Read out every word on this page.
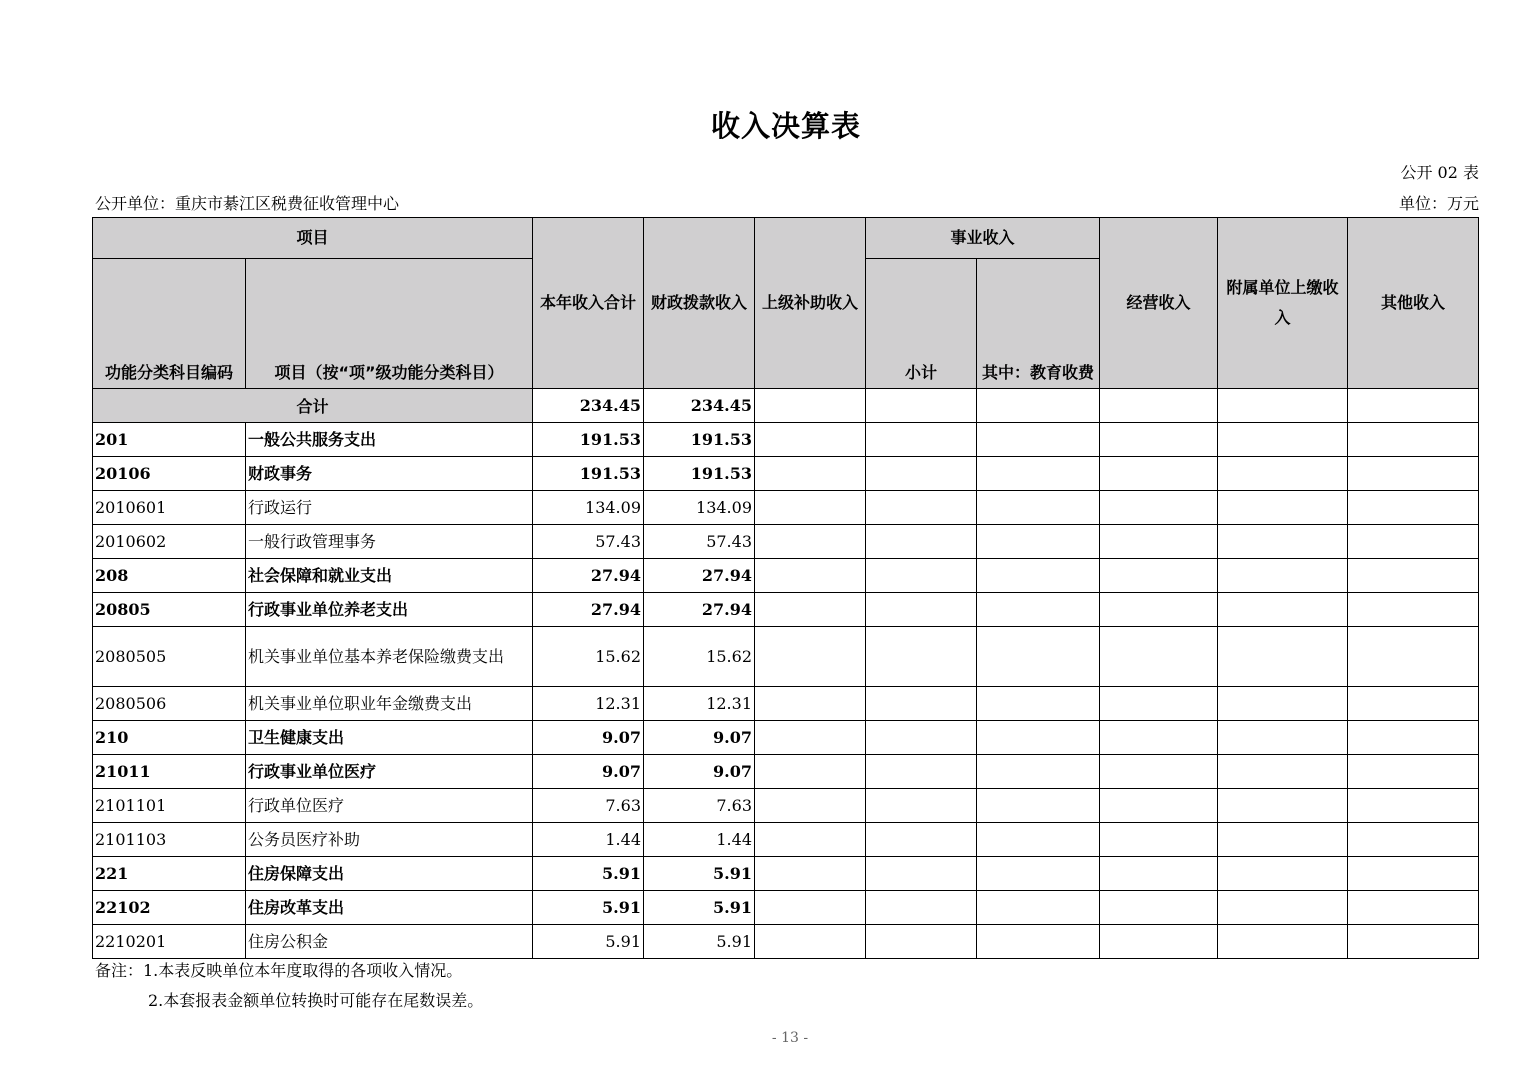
收入决算表
公开 02 表
公开单位：重庆市綦江区税费征收管理中心	单位：万元
项目		本年收入合计	财政拨款收入	上级补助收入	事业收入		经营收入	附属单位上缴收入	其他收入
功能分类科目编码	项目（按“项”级功能分类科目）				小计	其中：教育收费			
合计		234.45	234.45						
201	一般公共服务支出	191.53	191.53						
20106	财政事务	191.53	191.53						
2010601	行政运行	134.09	134.09						
2010602	一般行政管理事务	57.43	57.43						
208	社会保障和就业支出	27.94	27.94						
20805	行政事业单位养老支出	27.94	27.94						
2080505	机关事业单位基本养老保险缴费支出	15.62	15.62						
2080506	机关事业单位职业年金缴费支出	12.31	12.31						
210	卫生健康支出	9.07	9.07						
21011	行政事业单位医疗	9.07	9.07						
2101101	行政单位医疗	7.63	7.63						
2101103	公务员医疗补助	1.44	1.44						
221	住房保障支出	5.91	5.91						
22102	住房改革支出	5.91	5.91						
2210201	住房公积金	5.91	5.91						
备注：1.本表反映单位本年度取得的各项收入情况。
2.本套报表金额单位转换时可能存在尾数误差。
- 13 -
